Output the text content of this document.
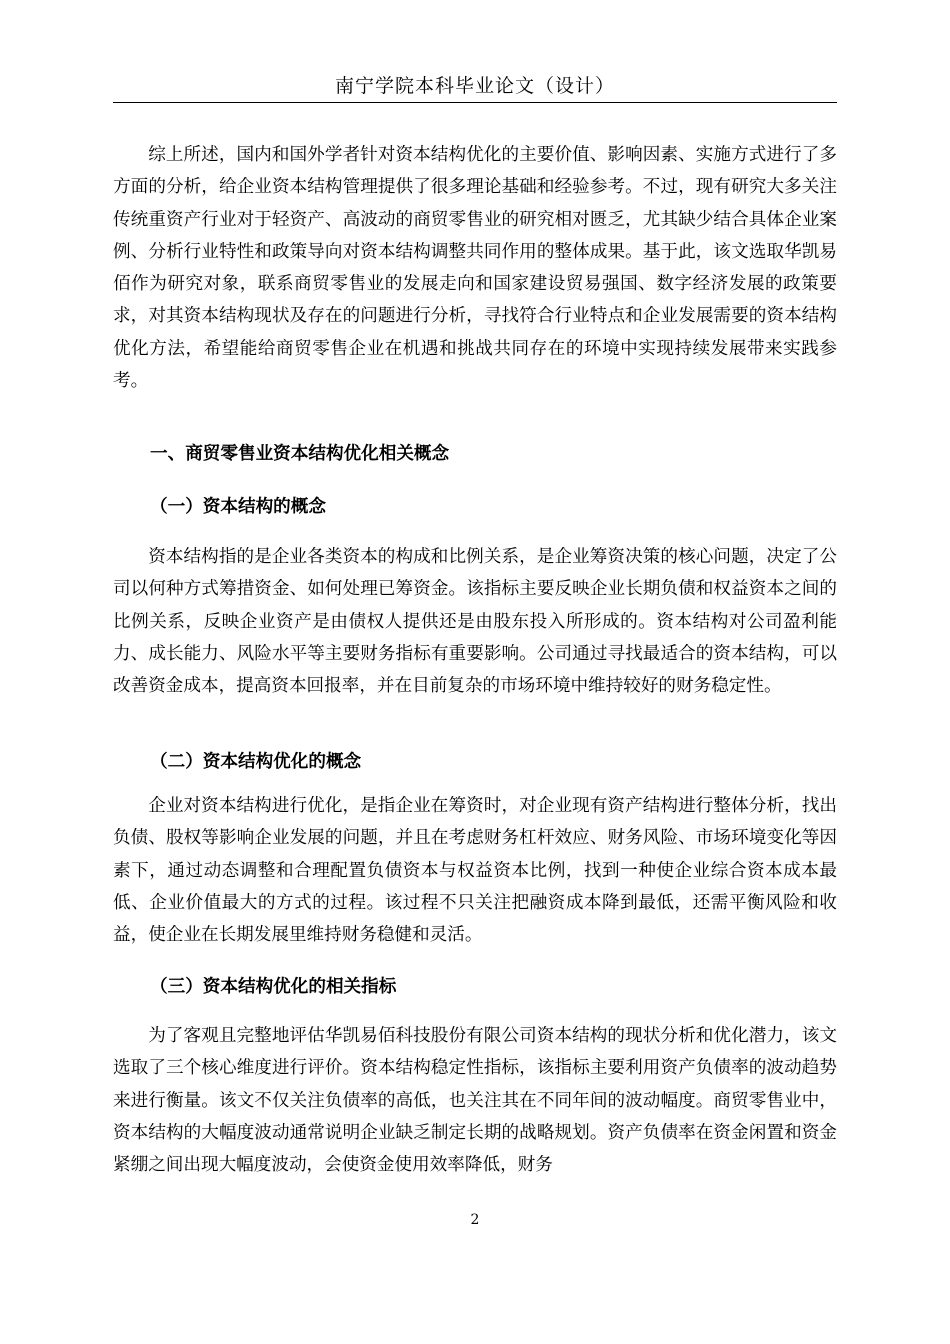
南宁学院本科毕业论文（设计）

综上所述，国内和国外学者针对资本结构优化的主要价值、影响因素、实施方式进行了多方面的分析，给企业资本结构管理提供了很多理论基础和经验参考。不过，现有研究大多关注传统重资产行业对于轻资产、高波动的商贸零售业的研究相对匮乏，尤其缺少结合具体企业案例、分析行业特性和政策导向对资本结构调整共同作用的整体成果。基于此，该文选取华凯易佰作为研究对象，联系商贸零售业的发展走向和国家建设贸易强国、数字经济发展的政策要求，对其资本结构现状及存在的问题进行分析，寻找符合行业特点和企业发展需要的资本结构优化方法，希望能给商贸零售企业在机遇和挑战共同存在的环境中实现持续发展带来实践参考。

一、商贸零售业资本结构优化相关概念
（一）资本结构的概念

资本结构指的是企业各类资本的构成和比例关系，是企业筹资决策的核心问题，决定了公司以何种方式筹措资金、如何处理已筹资金。该指标主要反映企业长期负债和权益资本之间的比例关系，反映企业资产是由债权人提供还是由股东投入所形成的。资本结构对公司盈利能力、成长能力、风险水平等主要财务指标有重要影响。公司通过寻找最适合的资本结构，可以改善资金成本，提高资本回报率，并在目前复杂的市场环境中维持较好的财务稳定性。

（二）资本结构优化的概念

企业对资本结构进行优化，是指企业在筹资时，对企业现有资产结构进行整体分析，找出负债、股权等影响企业发展的问题，并且在考虑财务杠杆效应、财务风险、市场环境变化等因素下，通过动态调整和合理配置负债资本与权益资本比例，找到一种使企业综合资本成本最低、企业价值最大的方式的过程。该过程不只关注把融资成本降到最低，还需平衡风险和收益，使企业在长期发展里维持财务稳健和灵活。

（三）资本结构优化的相关指标

为了客观且完整地评估华凯易佰科技股份有限公司资本结构的现状分析和优化潜力，该文选取了三个核心维度进行评价。资本结构稳定性指标，该指标主要利用资产负债率的波动趋势来进行衡量。该文不仅关注负债率的高低，也关注其在不同年间的波动幅度。商贸零售业中，资本结构的大幅度波动通常说明企业缺乏制定长期的战略规划。资产负债率在资金闲置和资金紧绷之间出现大幅度波动，会使资金使用效率降低，财务

2
